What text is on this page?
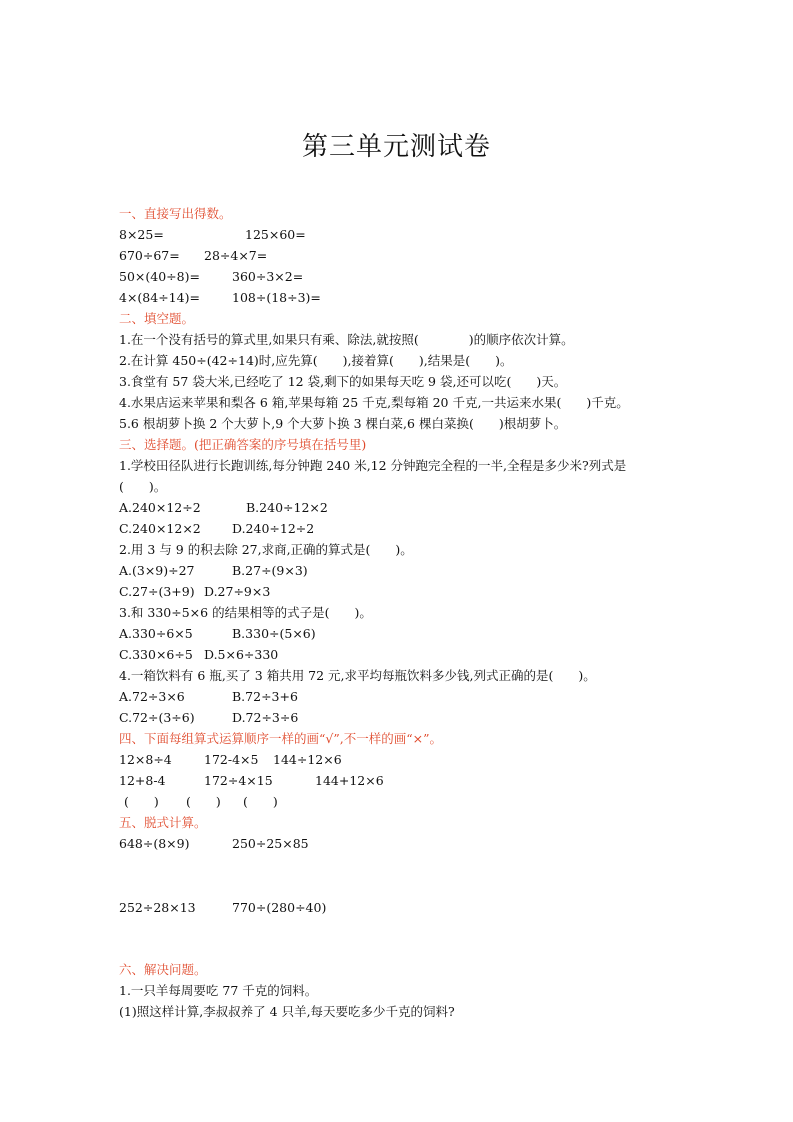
第三单元测试卷
一、直接写出得数。
8×25=	125×60=
670÷67= 28÷4×7=
50×(40÷8)=	360÷3×2=
4×(84÷14)=	108÷(18÷3)=
二、填空题。
1.在一个没有括号的算式里,如果只有乘、除法,就按照(　　　　)的顺序依次计算。
2.在计算 450÷(42÷14)时,应先算(　　),接着算(　　),结果是(　　)。
3.食堂有 57 袋大米,已经吃了 12 袋,剩下的如果每天吃 9 袋,还可以吃(　　)天。
4.水果店运来苹果和梨各 6 箱,苹果每箱 25 千克,梨每箱 20 千克,一共运来水果(　　)千克。
5.6 根胡萝卜换 2 个大萝卜,9 个大萝卜换 3 棵白菜,6 棵白菜换(　　)根胡萝卜。
三、选择题。(把正确答案的序号填在括号里)
1.学校田径队进行长跑训练,每分钟跑 240 米,12 分钟跑完全程的一半,全程是多少米?列式是
(　　)。
A.240×12÷2	B.240÷12×2
C.240×12×2 D.240÷12÷2
2.用 3 与 9 的积去除 27,求商,正确的算式是(　　)。
A.(3×9)÷27	B.27÷(9×3)
C.27÷(3+9) D.27÷9×3
3.和 330÷5×6 的结果相等的式子是(　　)。
A.330÷6×5	B.330÷(5×6)
C.330×6÷5 D.5×6÷330
4.一箱饮料有 6 瓶,买了 3 箱共用 72 元,求平均每瓶饮料多少钱,列式正确的是(　　)。
A.72÷3×6	B.72÷3+6
C.72÷(3÷6)	D.72÷3÷6
四、下面每组算式运算顺序一样的画“√”,不一样的画“×”。
12×8÷4	172-4×5 144÷12×6
12+8-4	172÷4×15	144+12×6
(　　) (　　) (　　)
五、脱式计算。
648÷(8×9)	250÷25×85
252÷28×13	770÷(280÷40)
六、解决问题。
1.一只羊每周要吃 77 千克的饲料。
(1)照这样计算,李叔叔养了 4 只羊,每天要吃多少千克的饲料?
